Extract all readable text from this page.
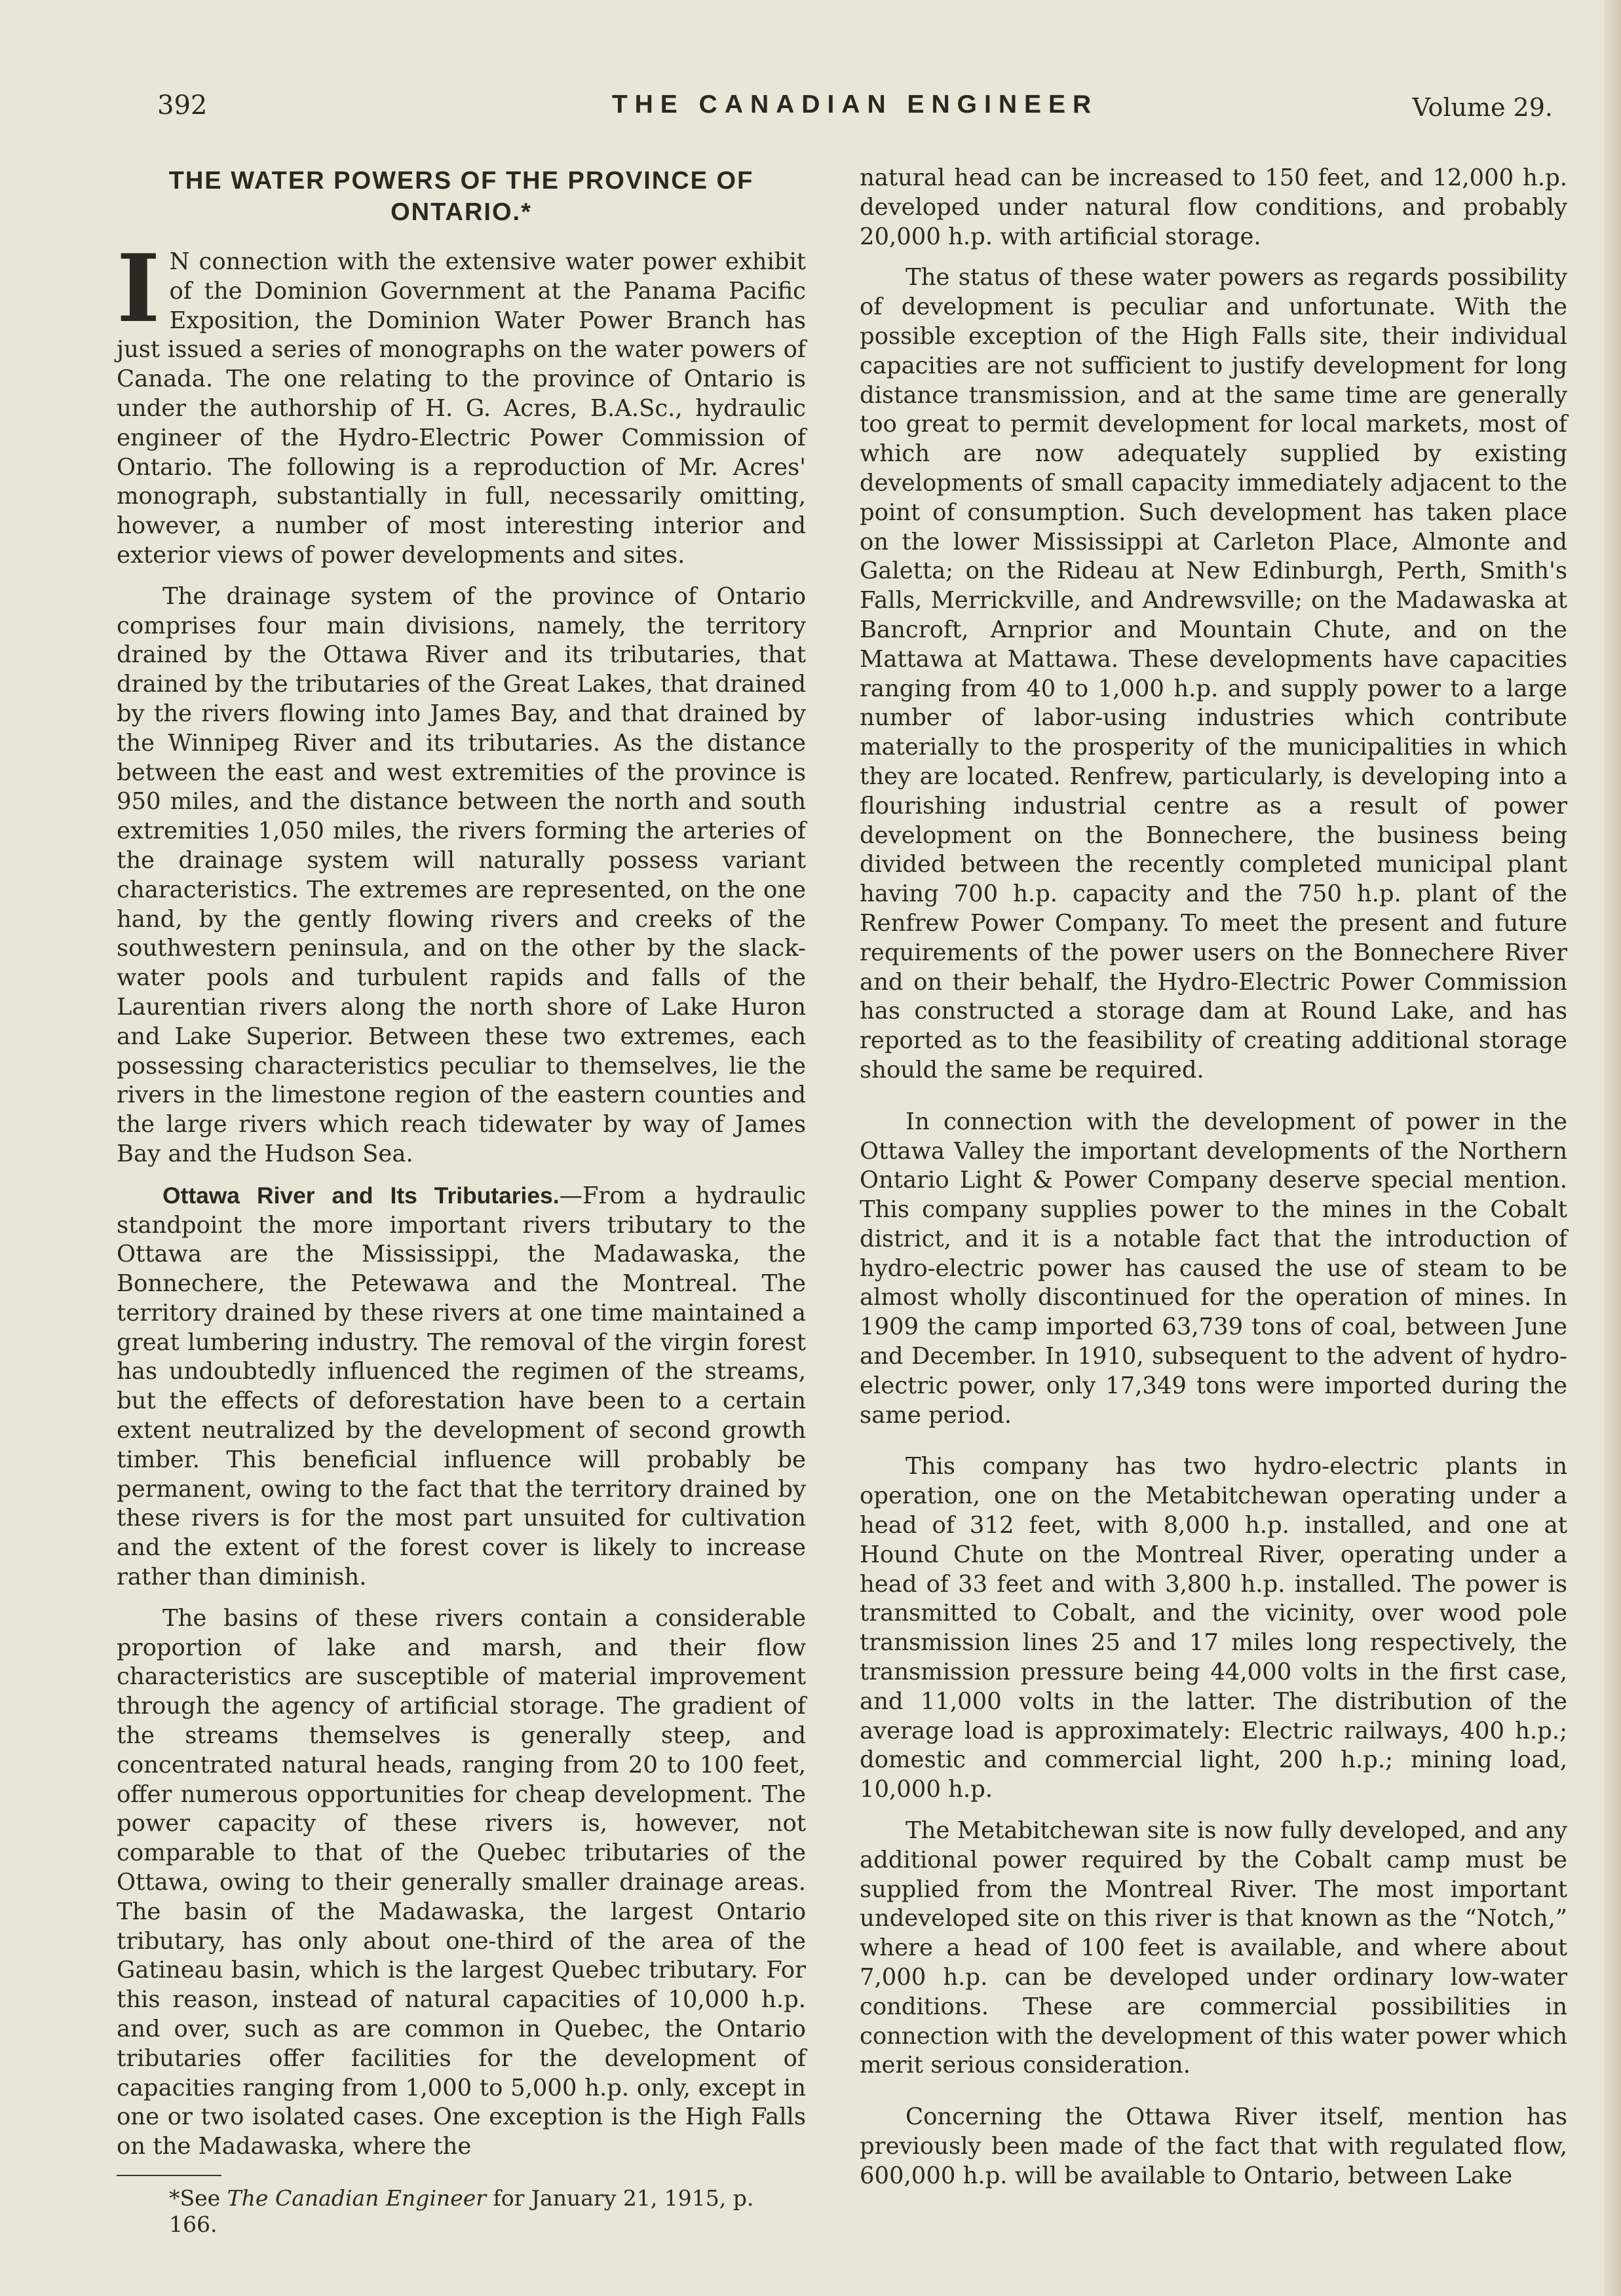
392	THE CANADIAN ENGINEER	Volume 29.
THE WATER POWERS OF THE PROVINCE OF ONTARIO.*

I N connection with the extensive water power exhibit of the Dominion Government at the Panama Pacific Exposition, the Dominion Water Power Branch has just issued a series of monographs on the water powers of Canada. The one relating to the province of Ontario is under the authorship of H. G. Acres, B.A.Sc., hydraulic engineer of the Hydro-Electric Power Commission of Ontario. The following is a reproduction of Mr. Acres' monograph, substantially in full, necessarily omitting, however, a number of most interesting interior and exterior views of power developments and sites.

The drainage system of the province of Ontario comprises four main divisions, namely, the territory drained by the Ottawa River and its tributaries, that drained by the tributaries of the Great Lakes, that drained by the rivers flowing into James Bay, and that drained by the Winnipeg River and its tributaries. As the distance between the east and west extremities of the province is 950 miles, and the distance between the north and south extremities 1,050 miles, the rivers forming the arteries of the drainage system will naturally possess variant characteristics. The extremes are represented, on the one hand, by the gently flowing rivers and creeks of the southwestern peninsula, and on the other by the slack-water pools and turbulent rapids and falls of the Laurentian rivers along the north shore of Lake Huron and Lake Superior. Between these two extremes, each possessing characteristics peculiar to themselves, lie the rivers in the limestone region of the eastern counties and the large rivers which reach tidewater by way of James Bay and the Hudson Sea.

Ottawa River and Its Tributaries.—From a hydraulic standpoint the more important rivers tributary to the Ottawa are the Mississippi, the Madawaska, the Bonnechere, the Petewawa and the Montreal. The territory drained by these rivers at one time maintained a great lumbering industry. The removal of the virgin forest has undoubtedly influenced the regimen of the streams, but the effects of deforestation have been to a certain extent neutralized by the development of second growth timber. This beneficial influence will probably be permanent, owing to the fact that the territory drained by these rivers is for the most part unsuited for cultivation and the extent of the forest cover is likely to increase rather than diminish.

The basins of these rivers contain a considerable proportion of lake and marsh, and their flow characteristics are susceptible of material improvement through the agency of artificial storage. The gradient of the streams themselves is generally steep, and concentrated natural heads, ranging from 20 to 100 feet, offer numerous opportunities for cheap development. The power capacity of these rivers is, however, not comparable to that of the Quebec tributaries of the Ottawa, owing to their generally smaller drainage areas. The basin of the Madawaska, the largest Ontario tributary, has only about one-third of the area of the Gatineau basin, which is the largest Quebec tributary. For this reason, instead of natural capacities of 10,000 h.p. and over, such as are common in Quebec, the Ontario tributaries offer facilities for the development of capacities ranging from 1,000 to 5,000 h.p. only, except in one or two isolated cases. One exception is the High Falls on the Madawaska, where the

*See The Canadian Engineer for January 21, 1915, p. 166.

natural head can be increased to 150 feet, and 12,000 h.p. developed under natural flow conditions, and probably 20,000 h.p. with artificial storage.

The status of these water powers as regards possibility of development is peculiar and unfortunate. With the possible exception of the High Falls site, their individual capacities are not sufficient to justify development for long distance transmission, and at the same time are generally too great to permit development for local markets, most of which are now adequately supplied by existing developments of small capacity immediately adjacent to the point of consumption. Such development has taken place on the lower Mississippi at Carleton Place, Almonte and Galetta; on the Rideau at New Edinburgh, Perth, Smith's Falls, Merrickville, and Andrewsville; on the Madawaska at Bancroft, Arnprior and Mountain Chute, and on the Mattawa at Mattawa. These developments have capacities ranging from 40 to 1,000 h.p. and supply power to a large number of labor-using industries which contribute materially to the prosperity of the municipalities in which they are located. Renfrew, particularly, is developing into a flourishing industrial centre as a result of power development on the Bonnechere, the business being divided between the recently completed municipal plant having 700 h.p. capacity and the 750 h.p. plant of the Renfrew Power Company. To meet the present and future requirements of the power users on the Bonnechere River and on their behalf, the Hydro-Electric Power Commission has constructed a storage dam at Round Lake, and has reported as to the feasibility of creating additional storage should the same be required.

In connection with the development of power in the Ottawa Valley the important developments of the Northern Ontario Light & Power Company deserve special mention. This company supplies power to the mines in the Cobalt district, and it is a notable fact that the introduction of hydro-electric power has caused the use of steam to be almost wholly discontinued for the operation of mines. In 1909 the camp imported 63,739 tons of coal, between June and December. In 1910, subsequent to the advent of hydro-electric power, only 17,349 tons were imported during the same period.

This company has two hydro-electric plants in operation, one on the Metabitchewan operating under a head of 312 feet, with 8,000 h.p. installed, and one at Hound Chute on the Montreal River, operating under a head of 33 feet and with 3,800 h.p. installed. The power is transmitted to Cobalt, and the vicinity, over wood pole transmission lines 25 and 17 miles long respectively, the transmission pressure being 44,000 volts in the first case, and 11,000 volts in the latter. The distribution of the average load is approximately: Electric railways, 400 h.p.; domestic and commercial light, 200 h.p.; mining load, 10,000 h.p.

The Metabitchewan site is now fully developed, and any additional power required by the Cobalt camp must be supplied from the Montreal River. The most important undeveloped site on this river is that known as the “Notch,” where a head of 100 feet is available, and where about 7,000 h.p. can be developed under ordinary low-water conditions. These are commercial possibilities in connection with the development of this water power which merit serious consideration.

Concerning the Ottawa River itself, mention has previously been made of the fact that with regulated flow, 600,000 h.p. will be available to Ontario, between Lake
